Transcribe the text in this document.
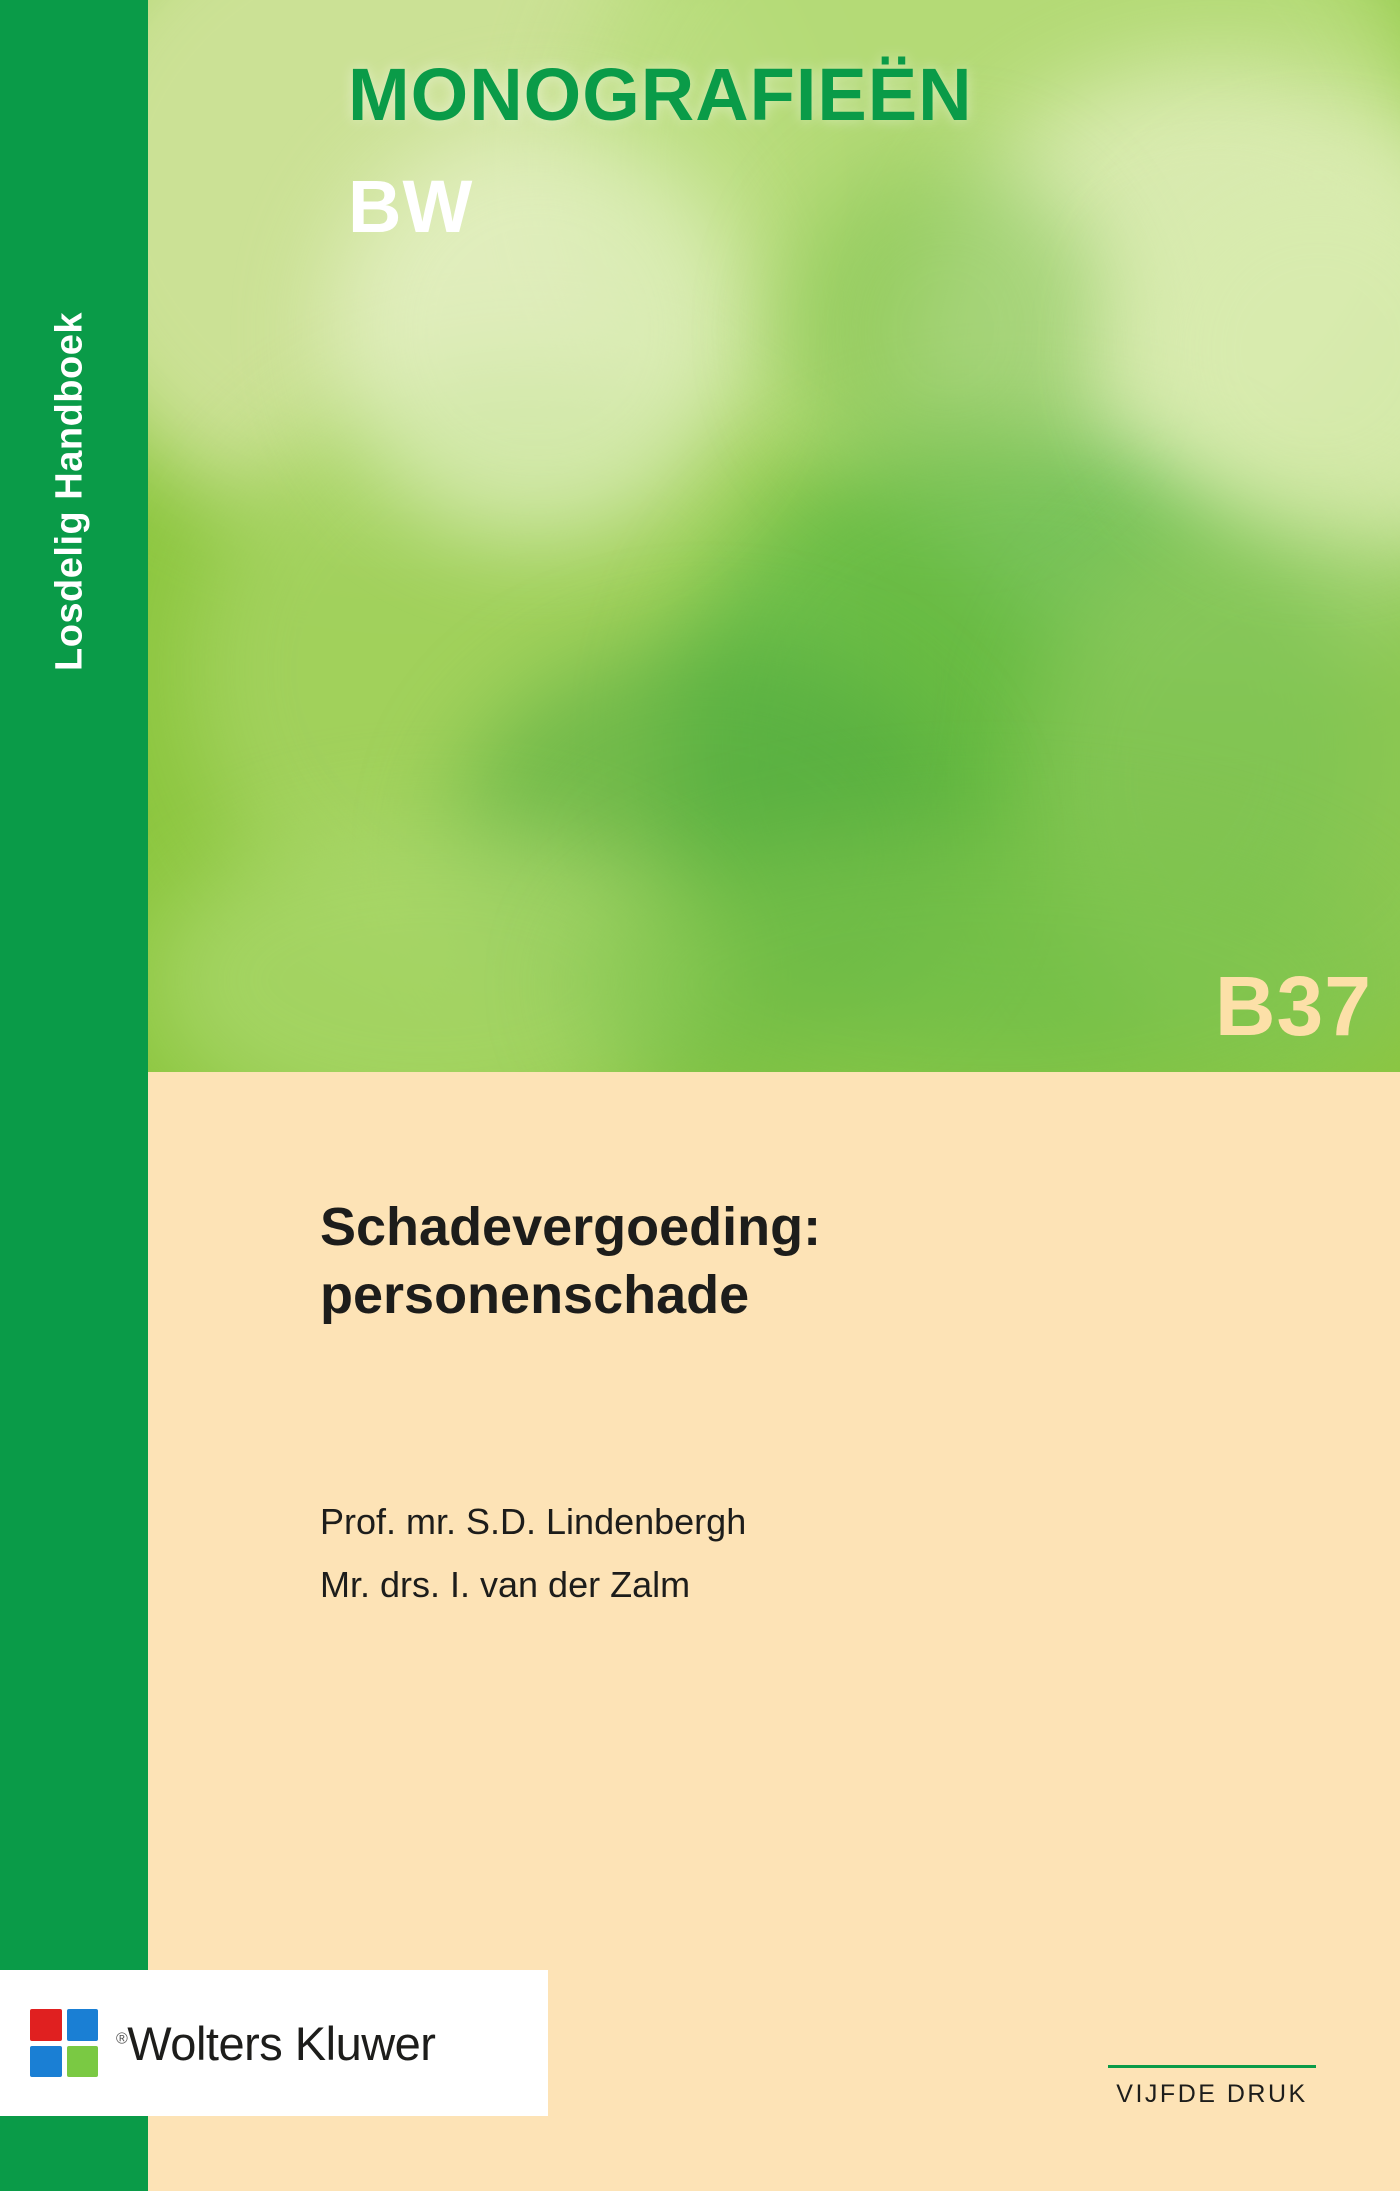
Losdelig Handboek
MONOGRAFIEËN
BW
B37
Schadevergoeding: personenschade
Prof. mr. S.D. Lindenbergh
Mr. drs. I. van der Zalm
VIJFDE DRUK
®Wolters Kluwer
